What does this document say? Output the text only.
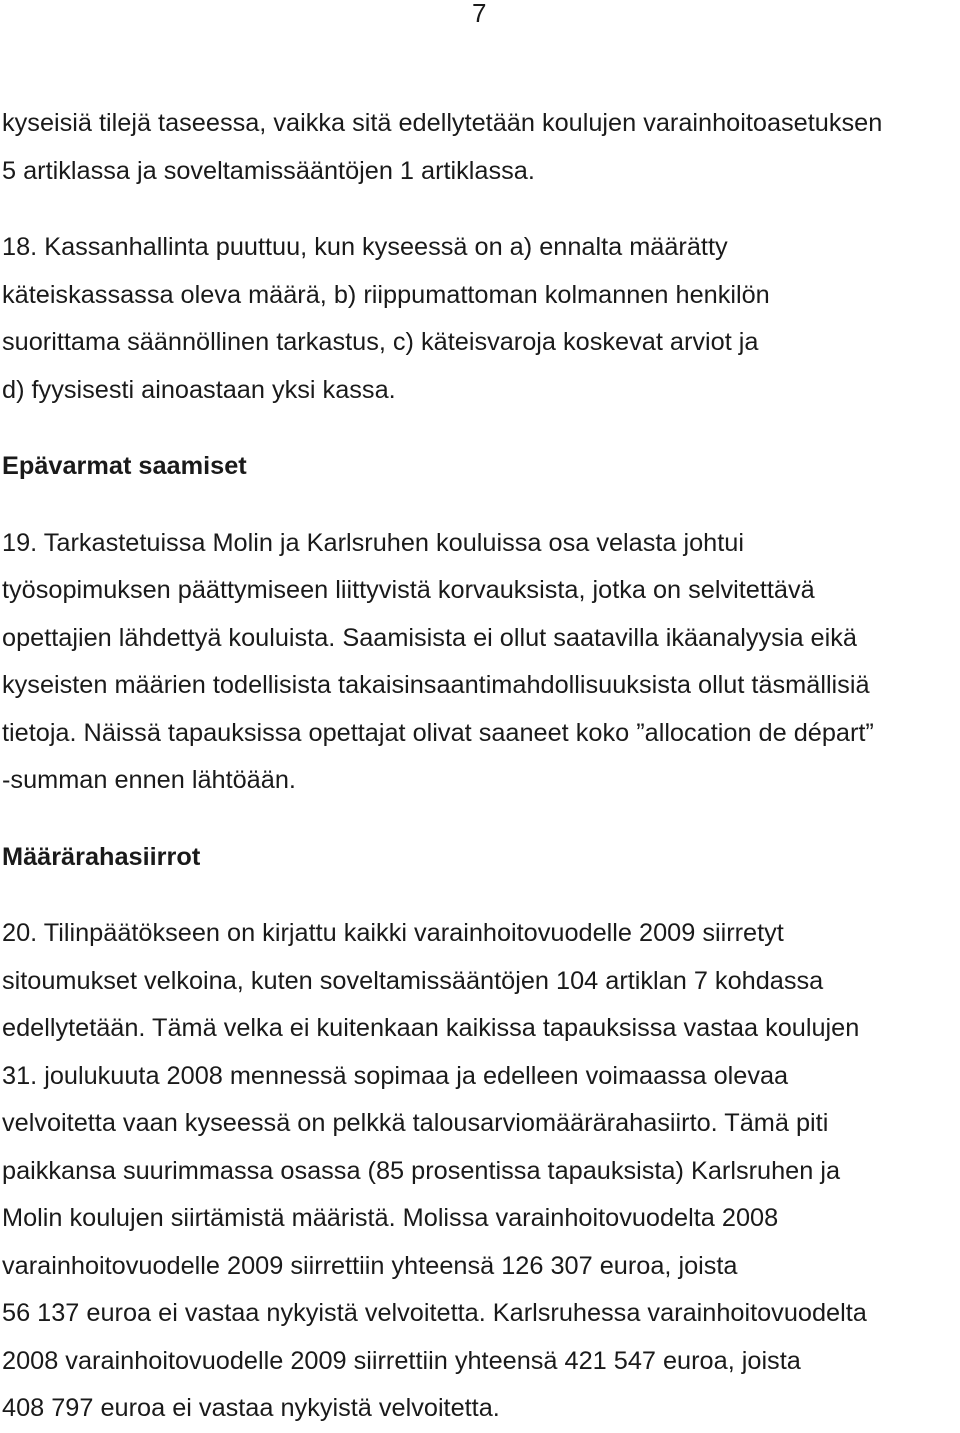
7

kyseisiä tilejä taseessa, vaikka sitä edellytetään koulujen varainhoitoasetuksen
5 artiklassa ja soveltamissääntöjen 1 artiklassa.

18. Kassanhallinta puuttuu, kun kyseessä on a) ennalta määrätty
käteiskassassa oleva määrä, b) riippumattoman kolmannen henkilön
suorittama säännöllinen tarkastus, c) käteisvaroja koskevat arviot ja
d) fyysisesti ainoastaan yksi kassa.

Epävarmat saamiset

19. Tarkastetuissa Molin ja Karlsruhen kouluissa osa velasta johtui
työsopimuksen päättymiseen liittyvistä korvauksista, jotka on selvitettävä
opettajien lähdettyä kouluista. Saamisista ei ollut saatavilla ikäanalyysia eikä
kyseisten määrien todellisista takaisinsaantimahdollisuuksista ollut täsmällisiä
tietoja. Näissä tapauksissa opettajat olivat saaneet koko ”allocation de départ”
-summan ennen lähtöään.

Määrärahasiirrot

20. Tilinpäätökseen on kirjattu kaikki varainhoitovuodelle 2009 siirretyt
sitoumukset velkoina, kuten soveltamissääntöjen 104 artiklan 7 kohdassa
edellytetään. Tämä velka ei kuitenkaan kaikissa tapauksissa vastaa koulujen
31. joulukuuta 2008 mennessä sopimaa ja edelleen voimaassa olevaa
velvoitetta vaan kyseessä on pelkkä talousarviomäärärahasiirto. Tämä piti
paikkansa suurimmassa osassa (85 prosentissa tapauksista) Karlsruhen ja
Molin koulujen siirtämistä määristä. Molissa varainhoitovuodelta 2008
varainhoitovuodelle 2009 siirrettiin yhteensä 126 307 euroa, joista
56 137 euroa ei vastaa nykyistä velvoitetta. Karlsruhessa varainhoitovuodelta
2008 varainhoitovuodelle 2009 siirrettiin yhteensä 421 547 euroa, joista
408 797 euroa ei vastaa nykyistä velvoitetta.
